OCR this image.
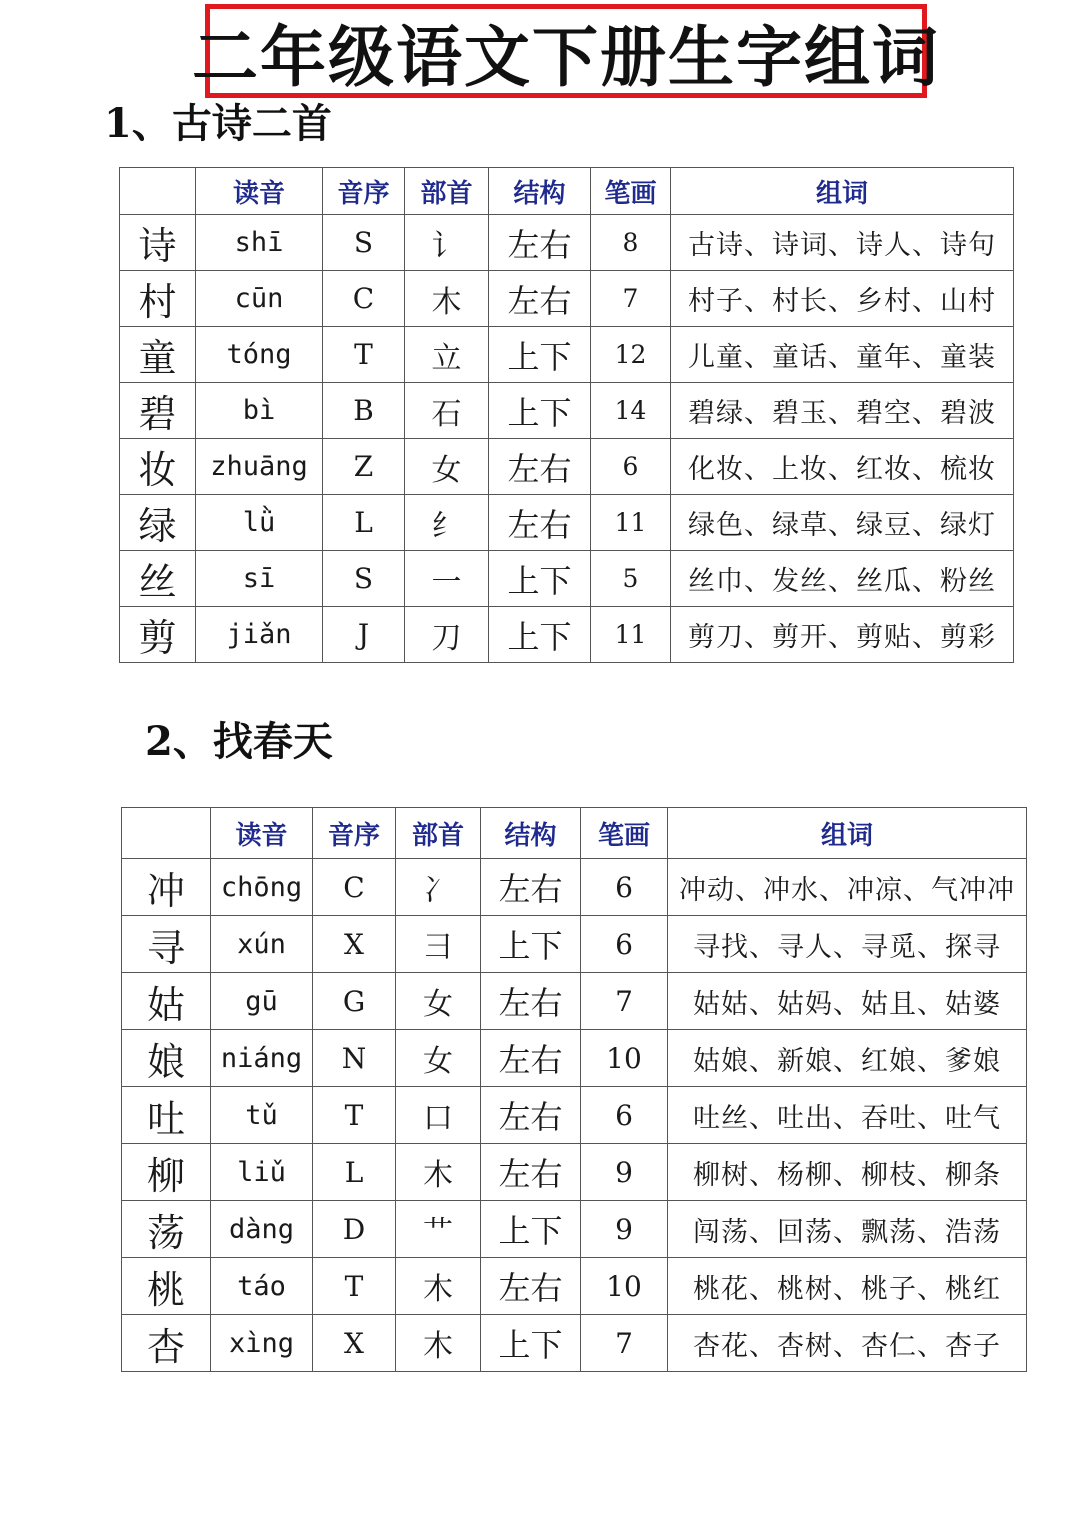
二年级语文下册生字组词
1、古诗二首
	读音	音序	部首	结构	笔画	组词
诗	shī	S	讠	左右	8	古诗、诗词、诗人、诗句
村	cūn	C	木	左右	7	村子、村长、乡村、山村
童	tóng	T	立	上下	12	儿童、童话、童年、童装
碧	bì	B	石	上下	14	碧绿、碧玉、碧空、碧波
妆	zhuāng	Z	女	左右	6	化妆、上妆、红妆、梳妆
绿	lǜ	L	纟	左右	11	绿色、绿草、绿豆、绿灯
丝	sī	S	一	上下	5	丝巾、发丝、丝瓜、粉丝
剪	jiǎn	J	刀	上下	11	剪刀、剪开、剪贴、剪彩
2、找春天
	读音	音序	部首	结构	笔画	组词
冲	chōng	C	冫	左右	6	冲动、冲水、冲凉、气冲冲
寻	xún	X	彐	上下	6	寻找、寻人、寻觅、探寻
姑	gū	G	女	左右	7	姑姑、姑妈、姑且、姑婆
娘	niáng	N	女	左右	10	姑娘、新娘、红娘、爹娘
吐	tǔ	T	口	左右	6	吐丝、吐出、吞吐、吐气
柳	liǔ	L	木	左右	9	柳树、杨柳、柳枝、柳条
荡	dàng	D	艹	上下	9	闯荡、回荡、飘荡、浩荡
桃	táo	T	木	左右	10	桃花、桃树、桃子、桃红
杏	xìng	X	木	上下	7	杏花、杏树、杏仁、杏子
